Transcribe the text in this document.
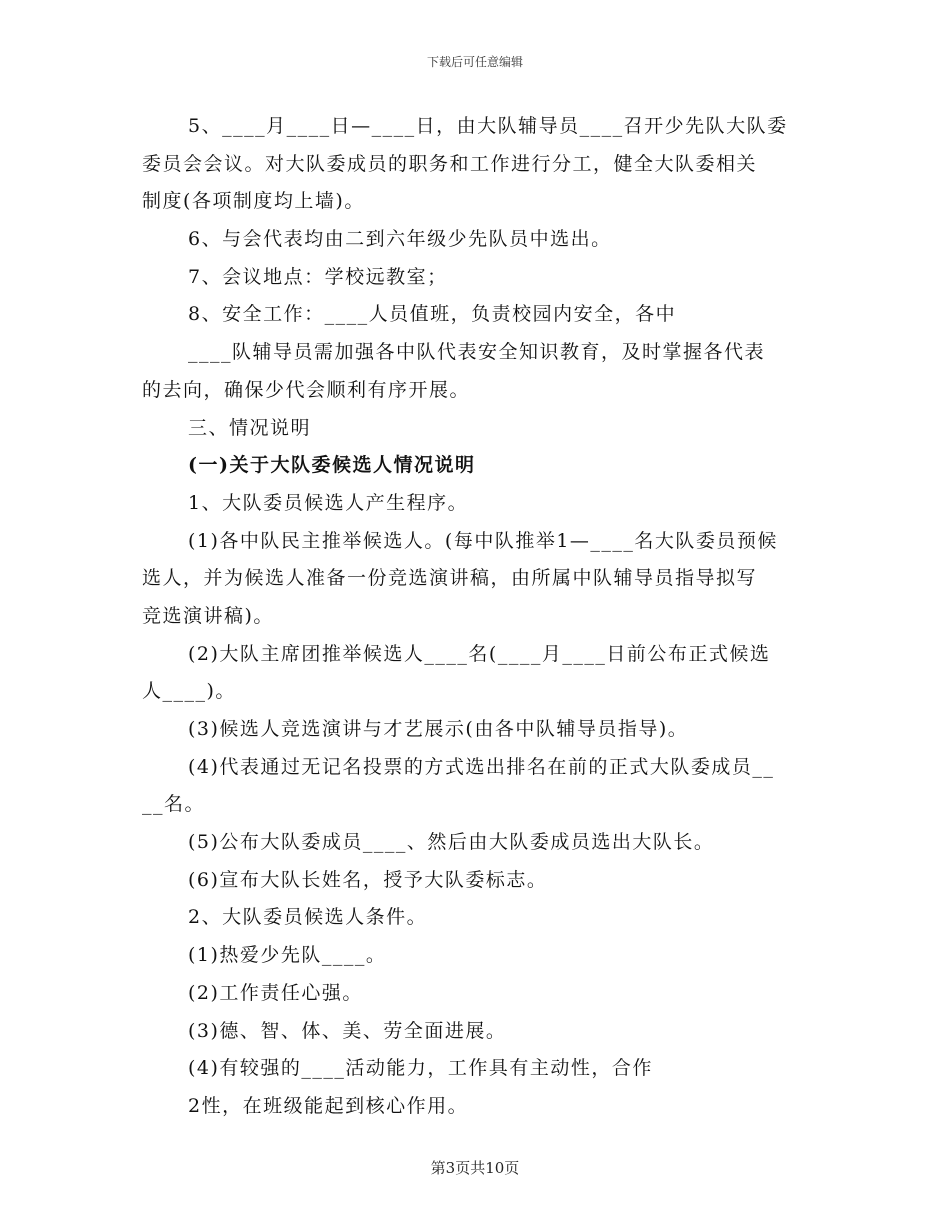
下载后可任意编辑
5、____月____日—____日，由大队辅导员____召开少先队大队委
委员会会议。对大队委成员的职务和工作进行分工，健全大队委相关
制度(各项制度均上墙)。
6、与会代表均由二到六年级少先队员中选出。
7、会议地点：学校远教室；
8、安全工作：____人员值班，负责校园内安全，各中
____队辅导员需加强各中队代表安全知识教育，及时掌握各代表
的去向，确保少代会顺利有序开展。
三、情况说明
(一)关于大队委候选人情况说明
1、大队委员候选人产生程序。
(1)各中队民主推举候选人。(每中队推举1—____名大队委员预候
选人，并为候选人准备一份竞选演讲稿，由所属中队辅导员指导拟写
竞选演讲稿)。
(2)大队主席团推举候选人____名(____月____日前公布正式候选
人____)。
(3)候选人竞选演讲与才艺展示(由各中队辅导员指导)。
(4)代表通过无记名投票的方式选出排名在前的正式大队委成员__
__名。
(5)公布大队委成员____、然后由大队委成员选出大队长。
(6)宣布大队长姓名，授予大队委标志。
2、大队委员候选人条件。
(1)热爱少先队____。
(2)工作责任心强。
(3)德、智、体、美、劳全面进展。
(4)有较强的____活动能力，工作具有主动性，合作
2性，在班级能起到核心作用。
第3页共10页
